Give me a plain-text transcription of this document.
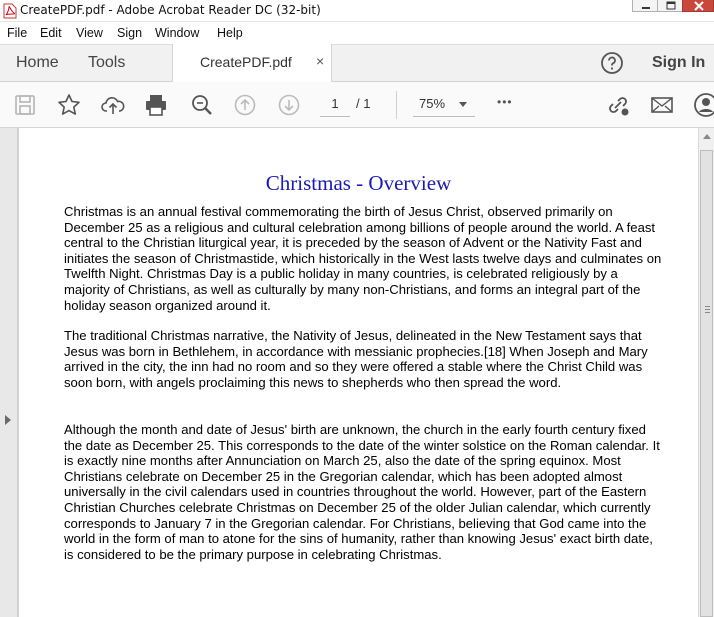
CreatePDF.pdf - Adobe Acrobat Reader DC (32-bit)
File Edit View Sign Window Help
Home Tools	CreatePDF.pdf ×	Sign In
1	/ 1	75%	•••
Christmas - Overview

Christmas is an annual festival commemorating the birth of Jesus Christ, observed primarily on December 25 as a religious and cultural celebration among billions of people around the world. A feast central to the Christian liturgical year, it is preceded by the season of Advent or the Nativity Fast and initiates the season of Christmastide, which historically in the West lasts twelve days and culminates on Twelfth Night. Christmas Day is a public holiday in many countries, is celebrated religiously by a majority of Christians, as well as culturally by many non-Christians, and forms an integral part of the holiday season organized around it.

The traditional Christmas narrative, the Nativity of Jesus, delineated in the New Testament says that Jesus was born in Bethlehem, in accordance with messianic prophecies.[18] When Joseph and Mary arrived in the city, the inn had no room and so they were offered a stable where the Christ Child was soon born, with angels proclaiming this news to shepherds who then spread the word.

Although the month and date of Jesus' birth are unknown, the church in the early fourth century fixed the date as December 25. This corresponds to the date of the winter solstice on the Roman calendar. It is exactly nine months after Annunciation on March 25, also the date of the spring equinox. Most Christians celebrate on December 25 in the Gregorian calendar, which has been adopted almost universally in the civil calendars used in countries throughout the world. However, part of the Eastern Christian Churches celebrate Christmas on December 25 of the older Julian calendar, which currently corresponds to January 7 in the Gregorian calendar. For Christians, believing that God came into the world in the form of man to atone for the sins of humanity, rather than knowing Jesus' exact birth date, is considered to be the primary purpose in celebrating Christmas.
